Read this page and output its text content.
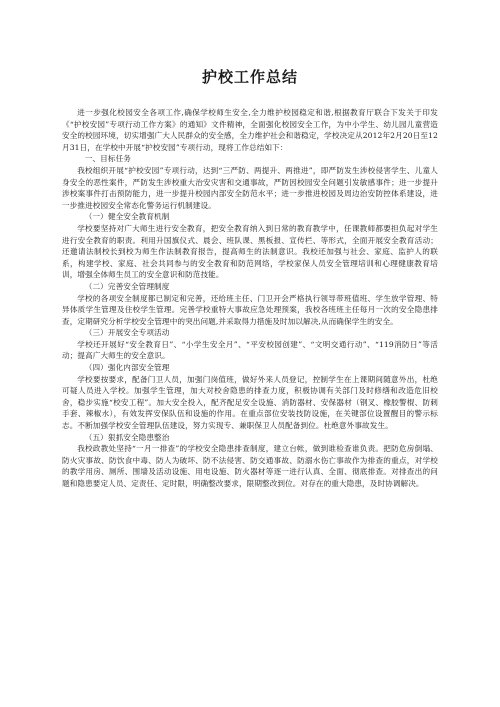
护校工作总结

进一步强化校园安全各项工作,确保学校师生安全,全力维护校园稳定和谐,根据教育厅联合下发关于印发《“护校安园”专项行动工作方案》的通知》文件精神，全面强化校园安全工作，为中小学生、幼儿园儿童营造安全的校园环境，切实增强广大人民群众的安全感，全力维护社会和谐稳定，学校决定从2012年2月20日至12月31日，在学校中开展“护校安园”专项行动，现将工作总结如下：

一、目标任务

我校组织开展“护校安园”专项行动，达到“三严防、两提升、两推进”，即严防发生涉校侵害学生、儿童人身安全的恶性案件，严防发生涉校重大治安灾害和交通事故，严防因校园安全问题引发敏感事件；进一步提升涉校案事件打击预防能力，进一步提升校园内部安全防范水平；进一步推进校园及周边治安防控体系建设，进一步推进校园安全常态化警务运行机制建设。

（一）健全安全教育机制

学校要坚持对广大师生进行安全教育，把安全教育纳入到日常的教育教学中，任课教师都要担负起对学生进行安全教育的职责。利用升国旗仪式、晨会、班队课、黑板报、宣传栏、等形式，全面开展安全教育活动；还邀请法制校长到校为师生作法制教育报告，提高师生的法制意识。我校还加强与社会、家庭、监护人的联系，构建学校、家庭、社会共同参与的安全教育和防范网络，学校家保人员安全管理培训和心理健康教育培训，增强全体师生员工的安全意识和防范技能。

（二）完善安全管理制度

学校的各项安全制度都已制定和完善，还给班主任、门卫开会严格执行领导带班值班、学生放学管理、特异体质学生管理及住校学生管理。完善学校重特大事故应急处理预案，我校各班班主任每月一次的安全隐患排查，定期研究分析学校安全管理中的突出问题,并采取得力措施及时加以解决,从而确保学生的安全。

（三）开展安全专项活动

学校还开展好“安全教育日”、“小学生安全月”、“平安校园创建”、“文明交通行动”、“119消防日”等活动；提高广大师生的安全意识。

（四）强化内部安全管理

学校要按要求，配备门卫人员，加强门岗值班，做好外来人员登记，控制学生在上课期间随意外出，杜绝可疑人员进入学校。加强学生管理，加大对校舍隐患的排查力度，积极协调有关部门及时修缮和改造危旧校舍，稳步实施“校安工程”。加大安全投入，配齐配足安全设施、消防器材、安保器材（钢叉、橡胶警棍、防刺手套、辣椒水），有效发挥安保队伍和设施的作用。在重点部位安装技防设施，在关键部位设置醒目的警示标志。不断加强学校安全管理队伍建设，努力实现专、兼职保卫人员配备到位。杜绝意外事故发生。

（五）狠抓安全隐患整治

我校政教处坚持“一月一排查”的学校安全隐患排查制度，建立台帐，做到谁检查谁负责。把防危房倒塌、防火灾事故、防饮食中毒、防人为破坏、防不法侵害、防交通事故、防溺水伤亡事故作为排查的重点，对学校的教学用房、厕所、围墙及活动设施、用电设施、防火器材等逐一进行认真、全面、彻底排查。对排查出的问题和隐患要定人员、定责任、定时限，明确整改要求，限期整改到位。对存在的重大隐患，及时协调解决。
